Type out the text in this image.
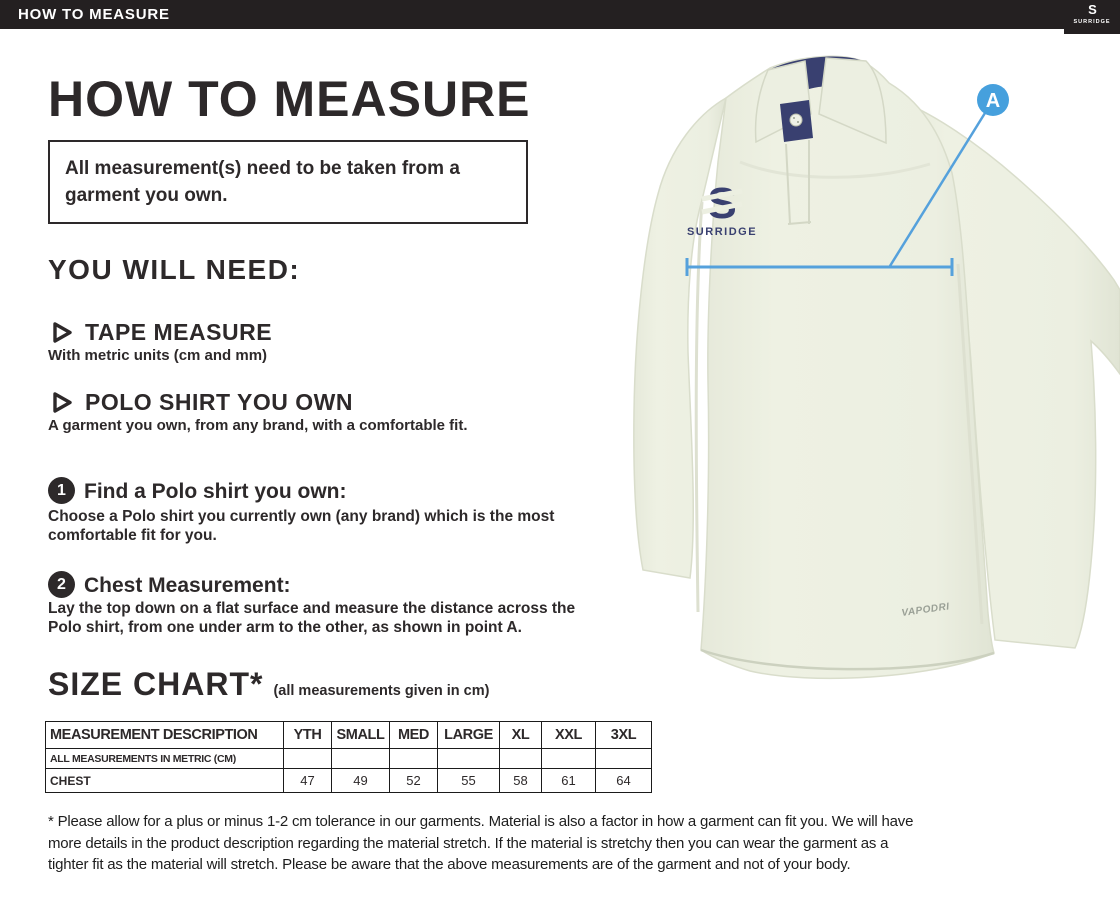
HOW TO MEASURE	S
SURRIDGE
HOW TO MEASURE
All measurement(s) need to be taken from a garment you own.
YOU WILL NEED:
TAPE MEASURE
With metric units (cm and mm)
POLO SHIRT YOU OWN
A garment you own, from any brand, with a comfortable fit.
1 Find a Polo shirt you own:
Choose a Polo shirt you currently own (any brand) which is the most comfortable fit for you.
2 Chest Measurement:
Lay the top down on a flat surface and measure the distance across the Polo shirt, from one under arm to the other, as shown in point A.
SIZE CHART* (all measurements given in cm)
MEASUREMENT DESCRIPTION	YTH	SMALL	MED	LARGE	XL	XXL	3XL
ALL MEASUREMENTS IN METRIC (CM)							
CHEST	47	49	52	55	58	61	64
* Please allow for a plus or minus 1-2 cm tolerance in our garments. Material is also a factor in how a garment can fit you. We will have more details in the product description regarding the material stretch. If the material is stretchy then you can wear the garment as a tighter fit as the material will stretch. Please be aware that the above measurements are of the garment and not of your body.
S
SURRIDGE
VAPODRI
A
